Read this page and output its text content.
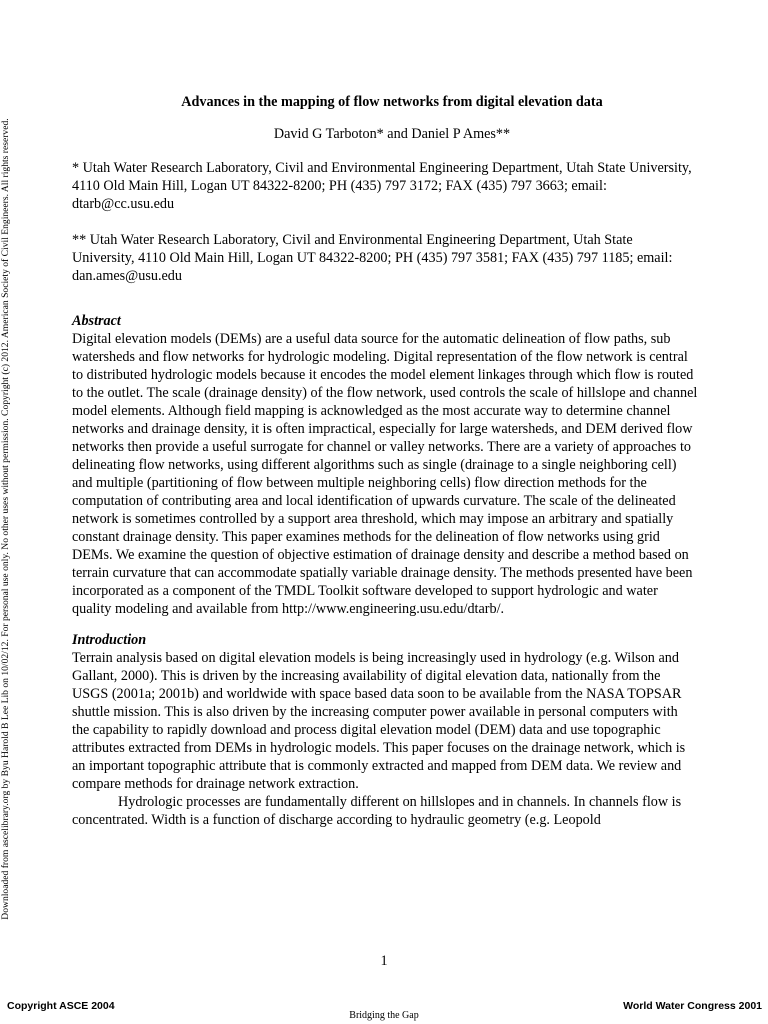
Downloaded from ascelibrary.org by Byu Harold B Lee Lib on 10/02/12. For personal use only. No other uses without permission. Copyright (c) 2012. American Society of Civil Engineers. All rights reserved.
Advances in the mapping of flow networks from digital elevation data

David G Tarboton* and Daniel P Ames**

* Utah Water Research Laboratory, Civil and Environmental Engineering Department, Utah State University, 4110 Old Main Hill, Logan UT 84322-8200; PH (435) 797 3172; FAX (435) 797 3663; email: dtarb@cc.usu.edu

** Utah Water Research Laboratory, Civil and Environmental Engineering Department, Utah State University, 4110 Old Main Hill, Logan UT 84322-8200; PH (435) 797 3581; FAX (435) 797 1185; email: dan.ames@usu.edu

Abstract

Digital elevation models (DEMs) are a useful data source for the automatic delineation of flow paths, sub watersheds and flow networks for hydrologic modeling. Digital representation of the flow network is central to distributed hydrologic models because it encodes the model element linkages through which flow is routed to the outlet. The scale (drainage density) of the flow network, used controls the scale of hillslope and channel model elements. Although field mapping is acknowledged as the most accurate way to determine channel networks and drainage density, it is often impractical, especially for large watersheds, and DEM derived flow networks then provide a useful surrogate for channel or valley networks. There are a variety of approaches to delineating flow networks, using different algorithms such as single (drainage to a single neighboring cell) and multiple (partitioning of flow between multiple neighboring cells) flow direction methods for the computation of contributing area and local identification of upwards curvature. The scale of the delineated network is sometimes controlled by a support area threshold, which may impose an arbitrary and spatially constant drainage density. This paper examines methods for the delineation of flow networks using grid DEMs. We examine the question of objective estimation of drainage density and describe a method based on terrain curvature that can accommodate spatially variable drainage density. The methods presented have been incorporated as a component of the TMDL Toolkit software developed to support hydrologic and water quality modeling and available from http://www.engineering.usu.edu/dtarb/.

Introduction

Terrain analysis based on digital elevation models is being increasingly used in hydrology (e.g. Wilson and Gallant, 2000). This is driven by the increasing availability of digital elevation data, nationally from the USGS (2001a; 2001b) and worldwide with space based data soon to be available from the NASA TOPSAR shuttle mission. This is also driven by the increasing computer power available in personal computers with the capability to rapidly download and process digital elevation model (DEM) data and use topographic attributes extracted from DEMs in hydrologic models. This paper focuses on the drainage network, which is an important topographic attribute that is commonly extracted and mapped from DEM data. We review and compare methods for drainage network extraction.

Hydrologic processes are fundamentally different on hillslopes and in channels. In channels flow is concentrated. Width is a function of discharge according to hydraulic geometry (e.g. Leopold

1
Copyright ASCE 2004
Bridging the Gap
World Water Congress 2001
